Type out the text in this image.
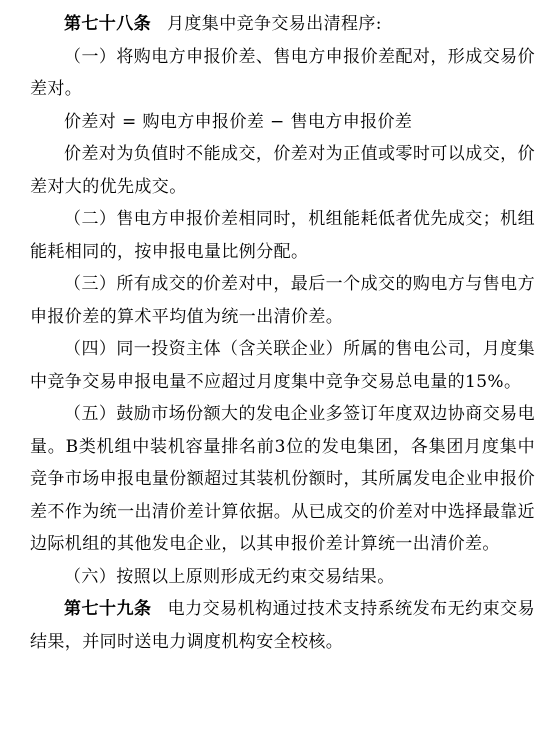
第七十八条 月度集中竞争交易出清程序:

（一）将购电方申报价差、售电方申报价差配对，形成交易价差对。

价差对 = 购电方申报价差 − 售电方申报价差

价差对为负值时不能成交，价差对为正值或零时可以成交，价差对大的优先成交。

（二）售电方申报价差相同时，机组能耗低者优先成交；机组能耗相同的，按申报电量比例分配。

（三）所有成交的价差对中，最后一个成交的购电方与售电方申报价差的算术平均值为统一出清价差。

（四）同一投资主体（含关联企业）所属的售电公司，月度集中竞争交易申报电量不应超过月度集中竞争交易总电量的15%。

（五）鼓励市场份额大的发电企业多签订年度双边协商交易电量。B类机组中装机容量排名前3位的发电集团，各集团月度集中竞争市场申报电量份额超过其装机份额时，其所属发电企业申报价差不作为统一出清价差计算依据。从已成交的价差对中选择最靠近边际机组的其他发电企业，以其申报价差计算统一出清价差。

（六）按照以上原则形成无约束交易结果。

第七十九条 电力交易机构通过技术支持系统发布无约束交易结果，并同时送电力调度机构安全校核。
